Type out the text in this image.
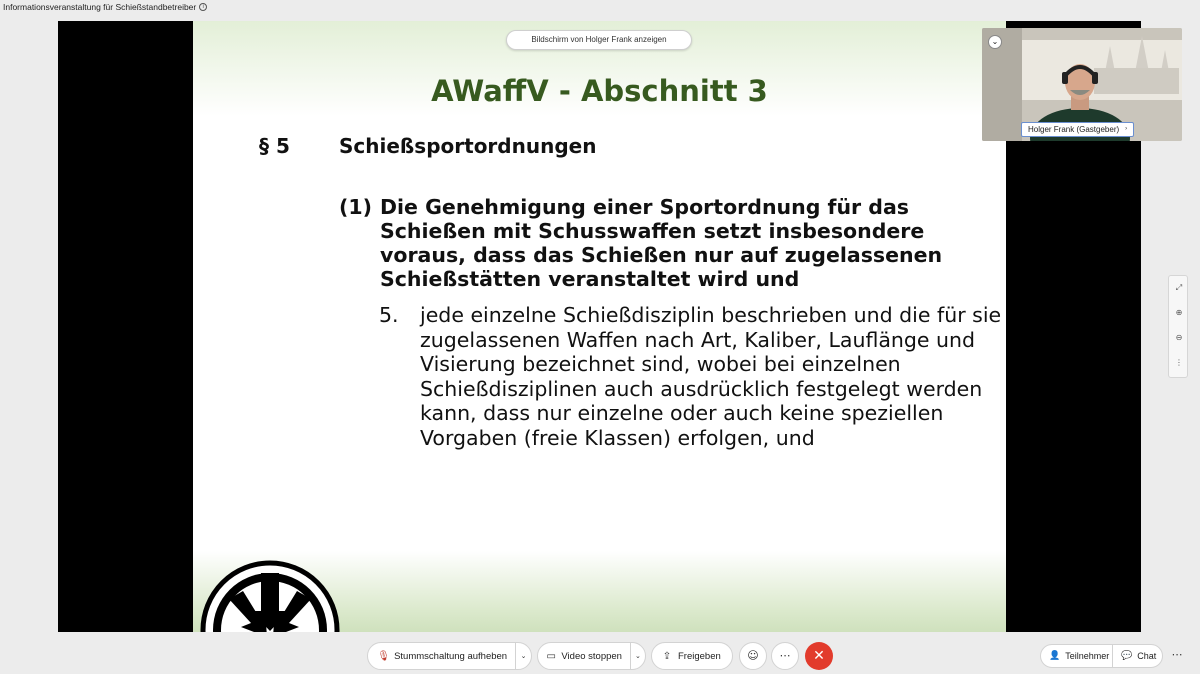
Informationsveranstaltung für Schießstandbetreiber	i
Bildschirm von Holger Frank anzeigen
AWaffV - Abschnitt 3
§ 5 Schießsportordnungen
(1) Die Genehmigung einer Sportordnung für das
Schießen mit Schusswaffen setzt insbesondere
voraus, dass das Schießen nur auf zugelassenen
Schießstätten veranstaltet wird und
5. jede einzelne Schießdisziplin beschrieben und die für sie
zugelassenen Waffen nach Art, Kaliber, Lauflänge und
Visierung bezeichnet sind, wobei bei einzelnen
Schießdisziplinen auch ausdrücklich festgelegt werden
kann, dass nur einzelne oder auch keine speziellen
Vorgaben (freie Klassen) erfolgen, und
⌄
Holger Frank (Gastgeber) ›
⤢
⊕
⊖
⋮
🎙 Stummschaltung aufheben	⌄	▭ Video stoppen	⌄	⇪ Freigeben	☺	⋯	✕	👤 Teilnehmer 💬 Chat	⋯
